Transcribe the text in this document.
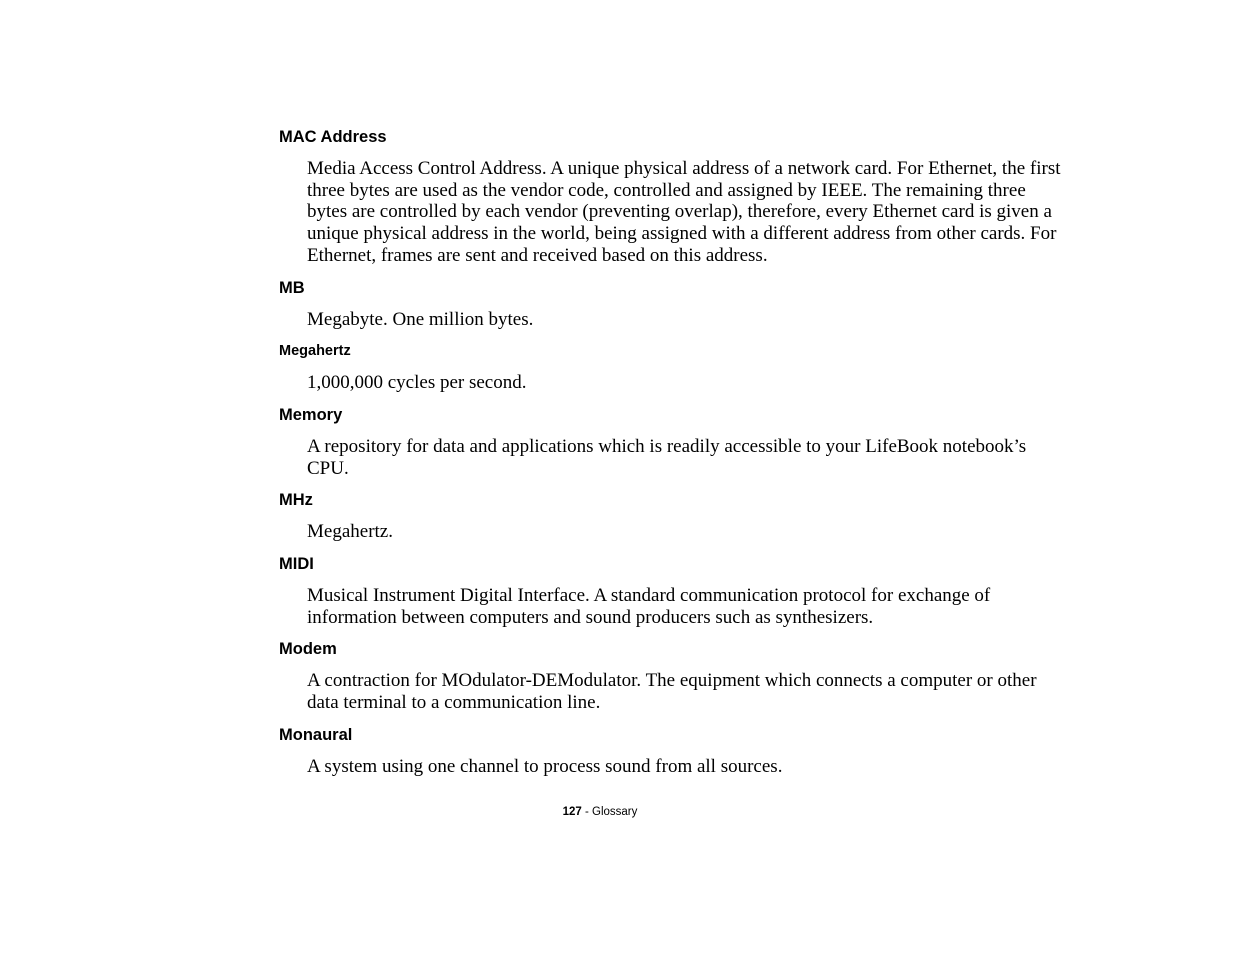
MAC Address

Media Access Control Address. A unique physical address of a network card. For Ethernet, the first three bytes are used as the vendor code, controlled and assigned by IEEE. The remaining three bytes are controlled by each vendor (preventing overlap), therefore, every Ethernet card is given a unique physical address in the world, being assigned with a different address from other cards. For Ethernet, frames are sent and received based on this address.

MB

Megabyte. One million bytes.

Megahertz

1,000,000 cycles per second.

Memory

A repository for data and applications which is readily accessible to your LifeBook notebook’s CPU.

MHz

Megahertz.

MIDI

Musical Instrument Digital Interface. A standard communication protocol for exchange of information between computers and sound producers such as synthesizers.

Modem

A contraction for MOdulator-DEModulator. The equipment which connects a computer or other data terminal to a communication line.

Monaural

A system using one channel to process sound from all sources.

127 - Glossary
